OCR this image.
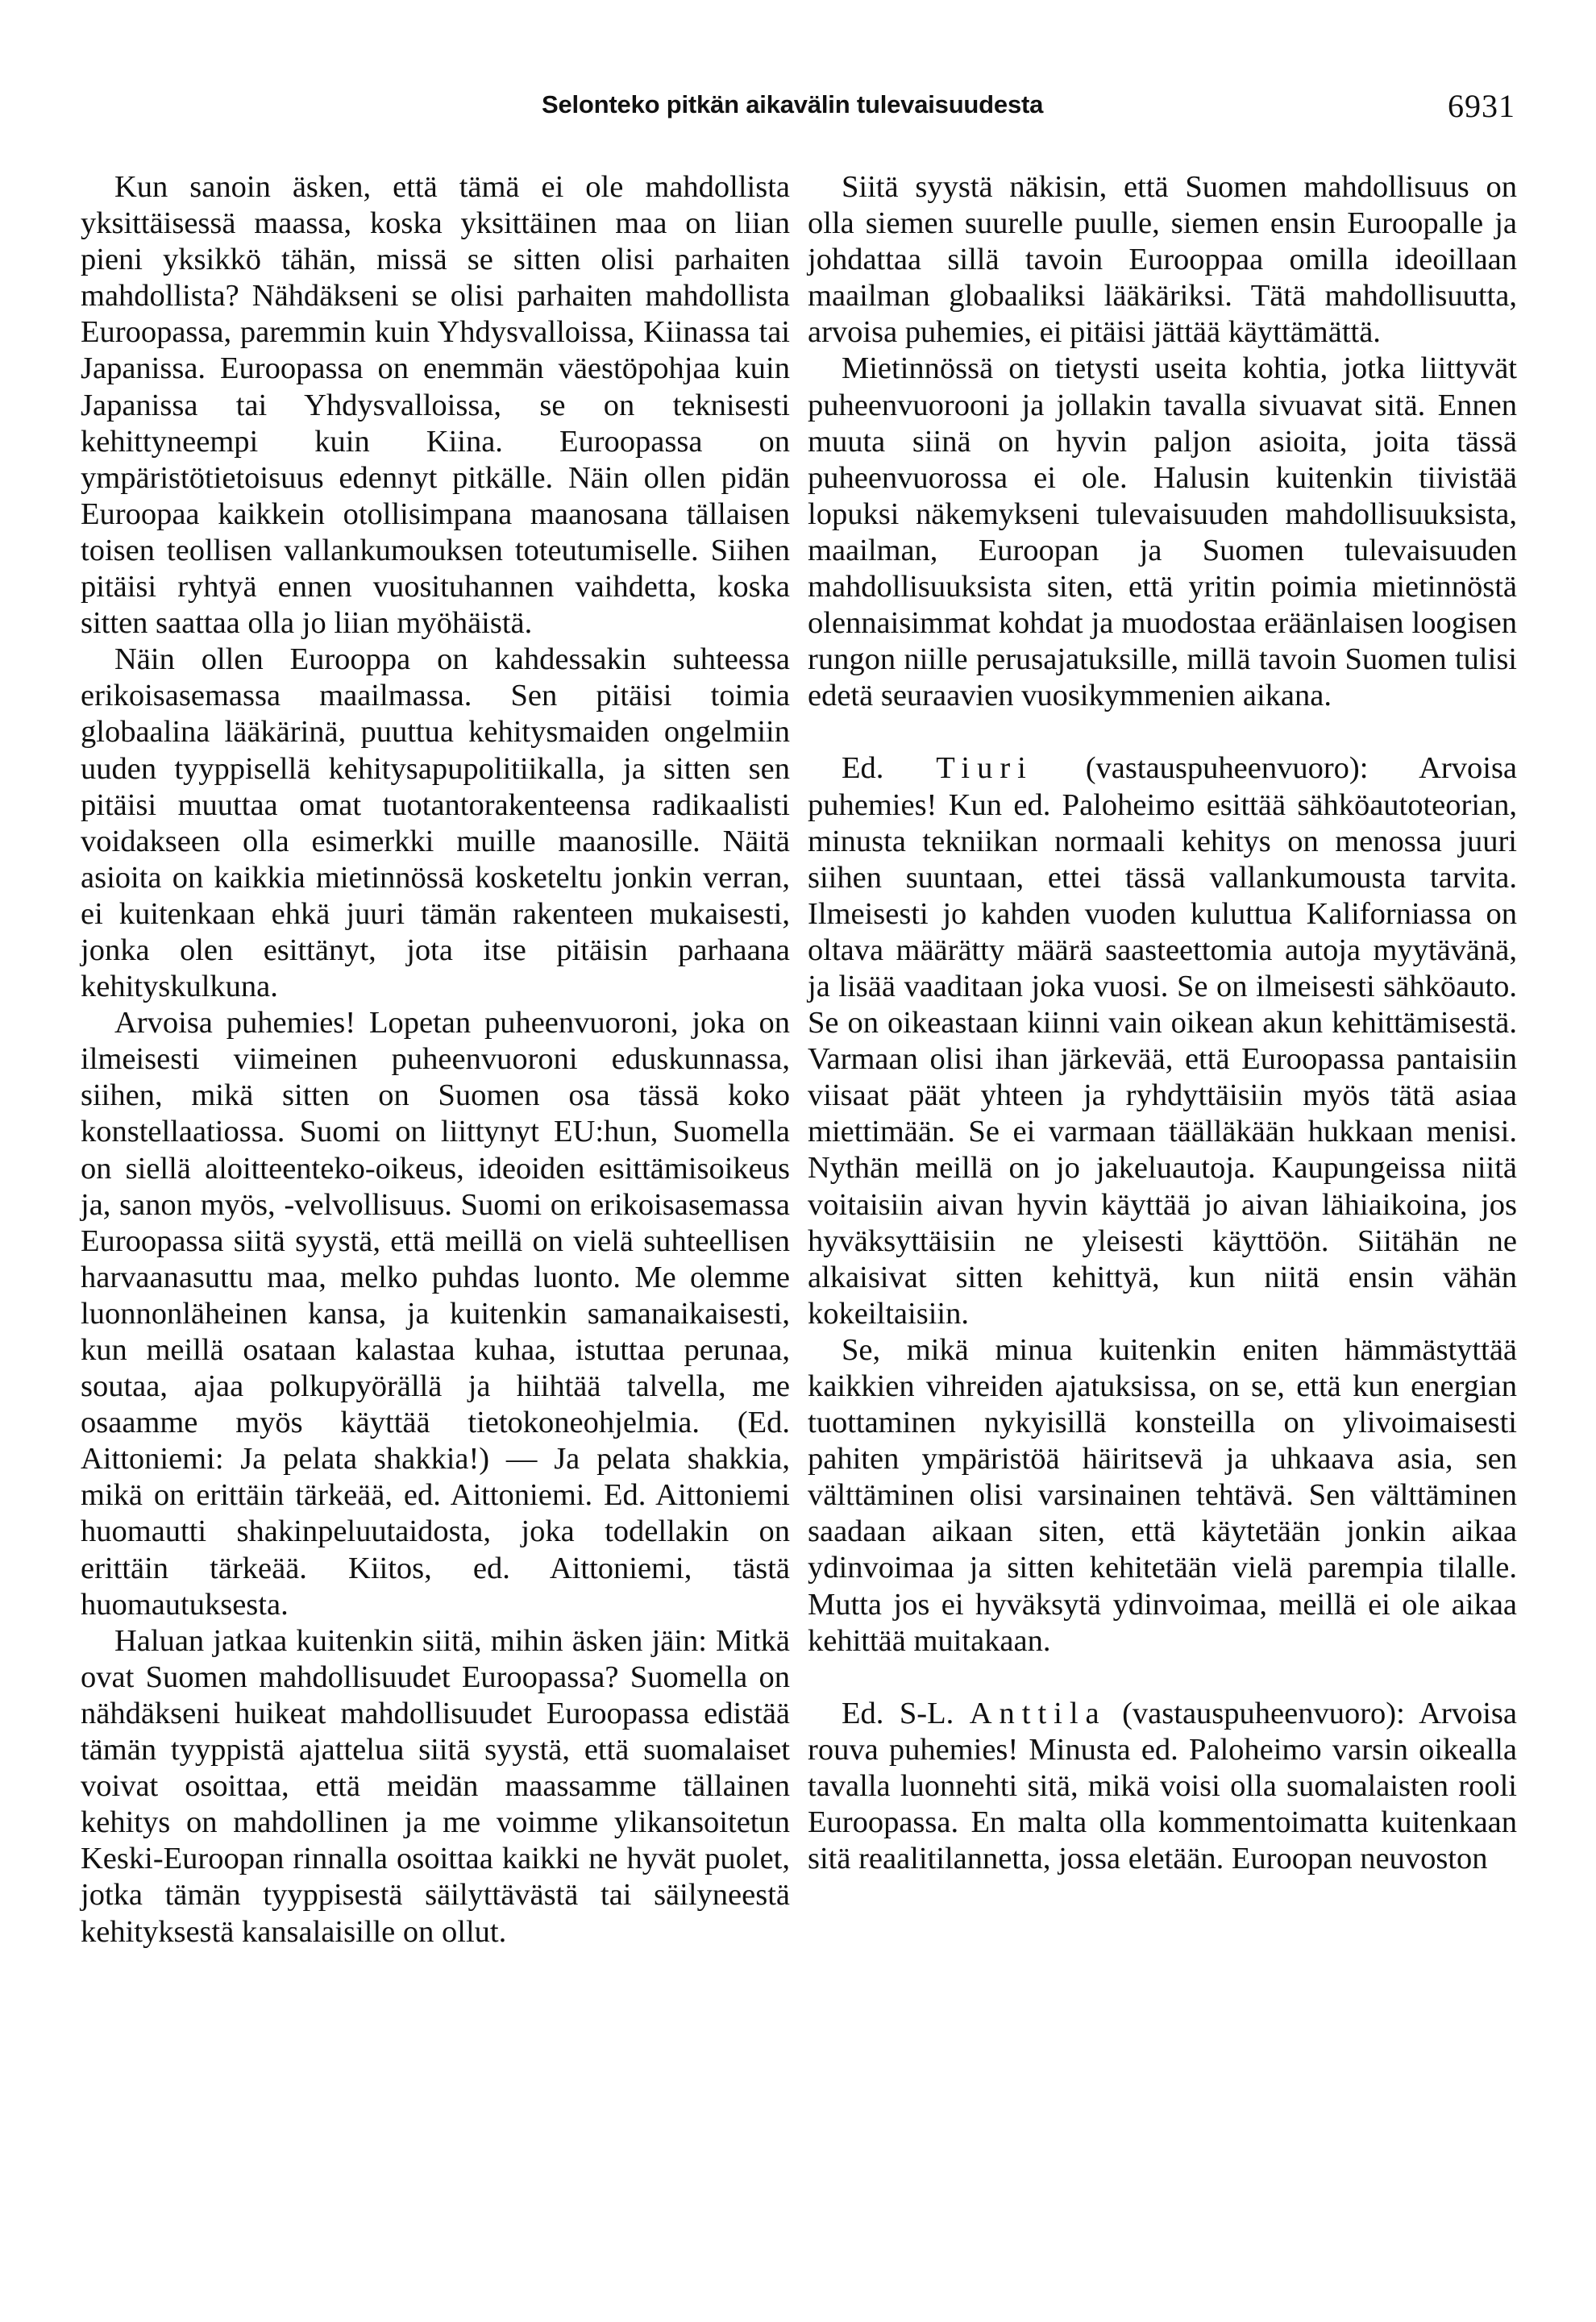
Selonteko pitkän aikavälin tulevaisuudesta	6931

Kun sanoin äsken, että tämä ei ole mahdollista yksittäisessä maassa, koska yksittäinen maa on liian pieni yksikkö tähän, missä se sitten olisi parhaiten mahdollista? Nähdäkseni se olisi parhaiten mahdollista Euroopassa, paremmin kuin Yhdysvalloissa, Kiinassa tai Japanissa. Euroopassa on enemmän väestöpohjaa kuin Japanissa tai Yhdysvalloissa, se on teknisesti kehittyneempi kuin Kiina. Euroopassa on ympäristötietoisuus edennyt pitkälle. Näin ollen pidän Euroopaa kaikkein otollisimpana maanosana tällaisen toisen teollisen vallankumouksen toteutumiselle. Siihen pitäisi ryhtyä ennen vuosituhannen vaihdetta, koska sitten saattaa olla jo liian myöhäistä.

Näin ollen Eurooppa on kahdessakin suhteessa erikoisasemassa maailmassa. Sen pitäisi toimia globaalina lääkärinä, puuttua kehitysmaiden ongelmiin uuden tyyppisellä kehitysapupolitiikalla, ja sitten sen pitäisi muuttaa omat tuotantorakenteensa radikaalisti voidakseen olla esimerkki muille maanosille. Näitä asioita on kaikkia mietinnössä kosketeltu jonkin verran, ei kuitenkaan ehkä juuri tämän rakenteen mukaisesti, jonka olen esittänyt, jota itse pitäisin parhaana kehityskulkuna.

Arvoisa puhemies! Lopetan puheenvuoroni, joka on ilmeisesti viimeinen puheenvuoroni eduskunnassa, siihen, mikä sitten on Suomen osa tässä koko konstellaatiossa. Suomi on liittynyt EU:hun, Suomella on siellä aloitteenteko-oikeus, ideoiden esittämisoikeus ja, sanon myös, -velvollisuus. Suomi on erikoisasemassa Euroopassa siitä syystä, että meillä on vielä suhteellisen harvaanasuttu maa, melko puhdas luonto. Me olemme luonnonläheinen kansa, ja kuitenkin samanaikaisesti, kun meillä osataan kalastaa kuhaa, istuttaa perunaa, soutaa, ajaa polkupyörällä ja hiihtää talvella, me osaamme myös käyttää tietokoneohjelmia. (Ed. Aittoniemi: Ja pelata shakkia!) — Ja pelata shakkia, mikä on erittäin tärkeää, ed. Aittoniemi. Ed. Aittoniemi huomautti shakinpeluutaidosta, joka todellakin on erittäin tärkeää. Kiitos, ed. Aittoniemi, tästä huomautuksesta.

Haluan jatkaa kuitenkin siitä, mihin äsken jäin: Mitkä ovat Suomen mahdollisuudet Euroopassa? Suomella on nähdäkseni huikeat mahdollisuudet Euroopassa edistää tämän tyyppistä ajattelua siitä syystä, että suomalaiset voivat osoittaa, että meidän maassamme tällainen kehitys on mahdollinen ja me voimme ylikansoitetun Keski-Euroopan rinnalla osoittaa kaikki ne hyvät puolet, jotka tämän tyyppisestä säilyttävästä tai säilyneestä kehityksestä kansalaisille on ollut.

Siitä syystä näkisin, että Suomen mahdollisuus on olla siemen suurelle puulle, siemen ensin Euroopalle ja johdattaa sillä tavoin Eurooppaa omilla ideoillaan maailman globaaliksi lääkäriksi. Tätä mahdollisuutta, arvoisa puhemies, ei pitäisi jättää käyttämättä.

Mietinnössä on tietysti useita kohtia, jotka liittyvät puheenvuorooni ja jollakin tavalla sivuavat sitä. Ennen muuta siinä on hyvin paljon asioita, joita tässä puheenvuorossa ei ole. Halusin kuitenkin tiivistää lopuksi näkemykseni tulevaisuuden mahdollisuuksista, maailman, Euroopan ja Suomen tulevaisuuden mahdollisuuksista siten, että yritin poimia mietinnöstä olennaisimmat kohdat ja muodostaa eräänlaisen loogisen rungon niille perusajatuksille, millä tavoin Suomen tulisi edetä seuraavien vuosikymmenien aikana.

Ed. Tiuri (vastauspuheenvuoro): Arvoisa puhemies! Kun ed. Paloheimo esittää sähköautoteorian, minusta tekniikan normaali kehitys on menossa juuri siihen suuntaan, ettei tässä vallankumousta tarvita. Ilmeisesti jo kahden vuoden kuluttua Kaliforniassa on oltava määrätty määrä saasteettomia autoja myytävänä, ja lisää vaaditaan joka vuosi. Se on ilmeisesti sähköauto. Se on oikeastaan kiinni vain oikean akun kehittämisestä. Varmaan olisi ihan järkevää, että Euroopassa pantaisiin viisaat päät yhteen ja ryhdyttäisiin myös tätä asiaa miettimään. Se ei varmaan täälläkään hukkaan menisi. Nythän meillä on jo jakeluautoja. Kaupungeissa niitä voitaisiin aivan hyvin käyttää jo aivan lähiaikoina, jos hyväksyttäisiin ne yleisesti käyttöön. Siitähän ne alkaisivat sitten kehittyä, kun niitä ensin vähän kokeiltaisiin.

Se, mikä minua kuitenkin eniten hämmästyttää kaikkien vihreiden ajatuksissa, on se, että kun energian tuottaminen nykyisillä konsteilla on ylivoimaisesti pahiten ympäristöä häiritsevä ja uhkaava asia, sen välttäminen olisi varsinainen tehtävä. Sen välttäminen saadaan aikaan siten, että käytetään jonkin aikaa ydinvoimaa ja sitten kehitetään vielä parempia tilalle. Mutta jos ei hyväksytä ydinvoimaa, meillä ei ole aikaa kehittää muitakaan.

Ed. S-L. Anttila (vastauspuheenvuoro): Arvoisa rouva puhemies! Minusta ed. Paloheimo varsin oikealla tavalla luonnehti sitä, mikä voisi olla suomalaisten rooli Euroopassa. En malta olla kommentoimatta kuitenkaan sitä reaalitilannetta, jossa eletään. Euroopan neuvoston
